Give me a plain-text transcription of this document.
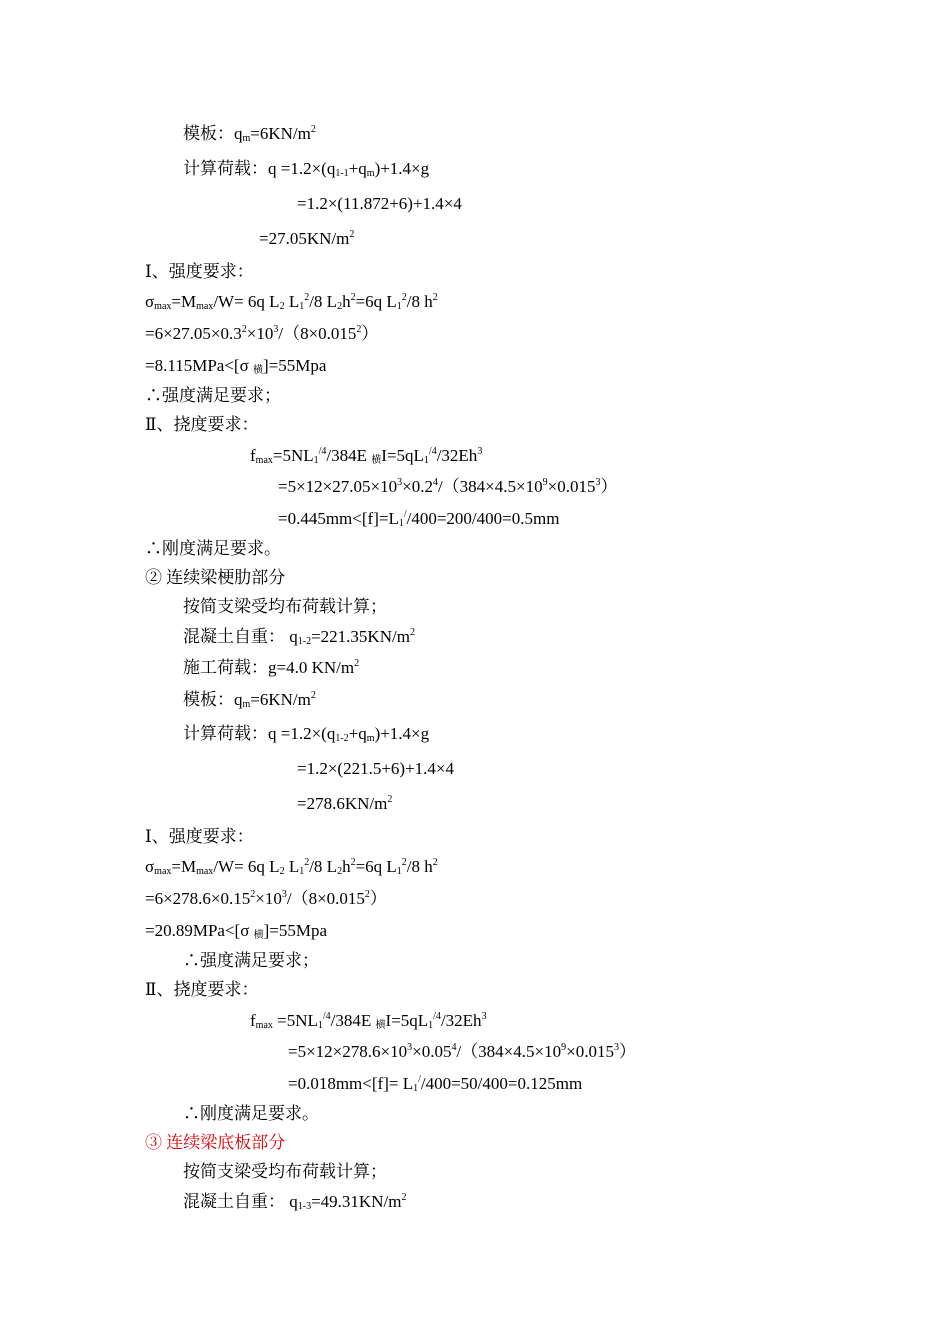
模板：$q_m=6KN/m^2$
计算荷载：$q =1.2\times(q_{1-1}+q_m)+1.4\times g$
=1.2×(11.872+6)+1.4×4
$=27.05KN/m^2$
Ⅰ、强度要求：
$\sigma_{max}=M_{max}/W= 6q$ $L_2$ $L_1^2/8$ $L_2h^2=6q$ $L_1^2/8$ $h^2$
$=6\times 27.05\times 0.3^2\times 10^3/(8\times 0.015^2)$
=8.115MPa<[σ $_横$]=55Mpa
∴强度满足要求；
Ⅱ、挠度要求：
$f_{max}=5NL_1^{/4}/384E$ $_横I=5qL_1^{/4}/32Eh^3$
$=5\times 12\times 27.05\times 10^3\times 0.2^4/(384\times 4.5\times 10^9\times 0.015^3)$
$=0.445mm<[f]=L_1^//400=200/400=0.5mm$
∴刚度满足要求。
② 连续梁梗肋部分
按简支梁受均布荷载计算；
混凝土自重： $q_{1-2}=221.35KN/m^2$
施工荷载：g=4.0 $KN/m^2$
模板：$q_m=6KN/m^2$
计算荷载：$q =1.2\times(q_{1-2}+q_m)+1.4\times g$
=1.2×(221.5+6)+1.4×4
$=278.6KN/m^2$
Ⅰ、强度要求：
$\sigma_{max}=M_{max}/W= 6q$ $L_2$ $L_1^2/8$ $L_2h^2=6q$ $L_1^2/8$ $h^2$
$=6\times 278.6\times 0.15^2\times 10^3/(8\times 0.015^2)$
=20.89MPa<[σ $_横$]=55Mpa
∴强度满足要求；
Ⅱ、挠度要求：
$f_{max} =5NL_1^{/4}/384E$ $_横I=5qL_1^{/4}/32Eh^3$
$=5\times 12\times 278.6\times 10^3\times 0.05^4/(384\times 4.5\times 10^9\times 0.015^3)$
$=0.018mm<[f]= L_1^//400=50/400=0.125mm$
∴刚度满足要求。
③ 连续梁底板部分
按简支梁受均布荷载计算；
混凝土自重： $q_{1-3}=49.31KN/m^2$
